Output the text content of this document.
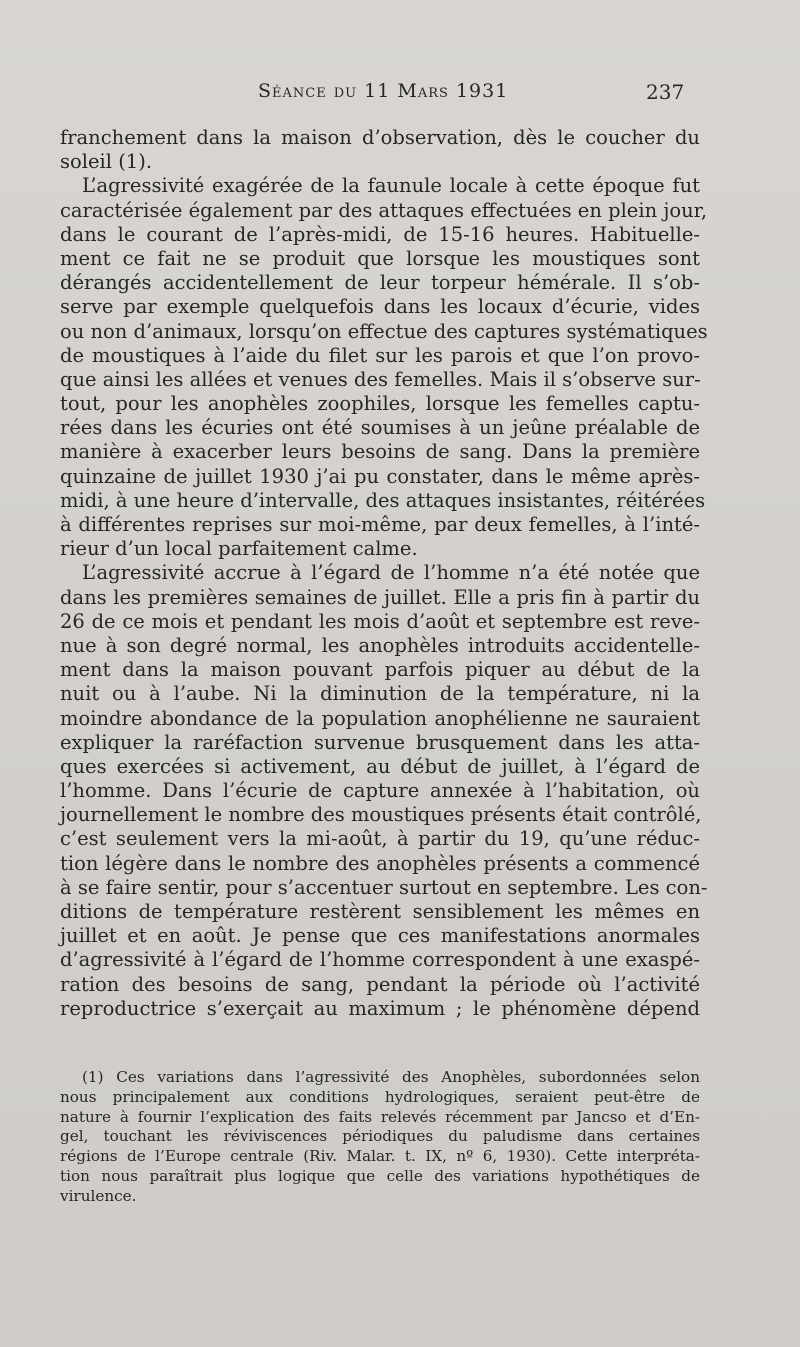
Séance du 11 Mars 1931	237
franchement dans la maison d’observation, dès le coucher du
soleil (1).
L’agressivité exagérée de la faunule locale à cette époque fut
caractérisée également par des attaques effectuées en plein jour,
dans le courant de l’après-midi, de 15-16 heures. Habituelle-
ment ce fait ne se produit que lorsque les moustiques sont
dérangés accidentellement de leur torpeur hémérale. Il s’ob-
serve par exemple quelquefois dans les locaux d’écurie, vides
ou non d’animaux, lorsqu’on effectue des captures systématiques
de moustiques à l’aide du filet sur les parois et que l’on provo-
que ainsi les allées et venues des femelles. Mais il s’observe sur-
tout, pour les anophèles zoophiles, lorsque les femelles captu-
rées dans les écuries ont été soumises à un jeûne préalable de
manière à exacerber leurs besoins de sang. Dans la première
quinzaine de juillet 1930 j’ai pu constater, dans le même après-
midi, à une heure d’intervalle, des attaques insistantes, réitérées
à différentes reprises sur moi-même, par deux femelles, à l’inté-
rieur d’un local parfaitement calme.
L’agressivité accrue à l’égard de l’homme n’a été notée que
dans les premières semaines de juillet. Elle a pris fin à partir du
26 de ce mois et pendant les mois d’août et septembre est reve-
nue à son degré normal, les anophèles introduits accidentelle-
ment dans la maison pouvant parfois piquer au début de la
nuit ou à l’aube. Ni la diminution de la température, ni la
moindre abondance de la population anophélienne ne sauraient
expliquer la raréfaction survenue brusquement dans les atta-
ques exercées si activement, au début de juillet, à l’égard de
l’homme. Dans l’écurie de capture annexée à l’habitation, où
journellement le nombre des moustiques présents était contrôlé,
c’est seulement vers la mi-août, à partir du 19, qu’une réduc-
tion légère dans le nombre des anophèles présents a commencé
à se faire sentir, pour s’accentuer surtout en septembre. Les con-
ditions de température restèrent sensiblement les mêmes en
juillet et en août. Je pense que ces manifestations anormales
d’agressivité à l’égard de l’homme correspondent à une exaspé-
ration des besoins de sang, pendant la période où l’activité
reproductrice s’exerçait au maximum ; le phénomène dépend
(1) Ces variations dans l’agressivité des Anophèles, subordonnées selon
nous principalement aux conditions hydrologiques, seraient peut-être de
nature à fournir l’explication des faits relevés récemment par Jancso et d’En-
gel, touchant les réviviscences périodiques du paludisme dans certaines
régions de l’Europe centrale (Riv. Malar. t. IX, nº 6, 1930). Cette interpréta-
tion nous paraîtrait plus logique que celle des variations hypothétiques de
virulence.
